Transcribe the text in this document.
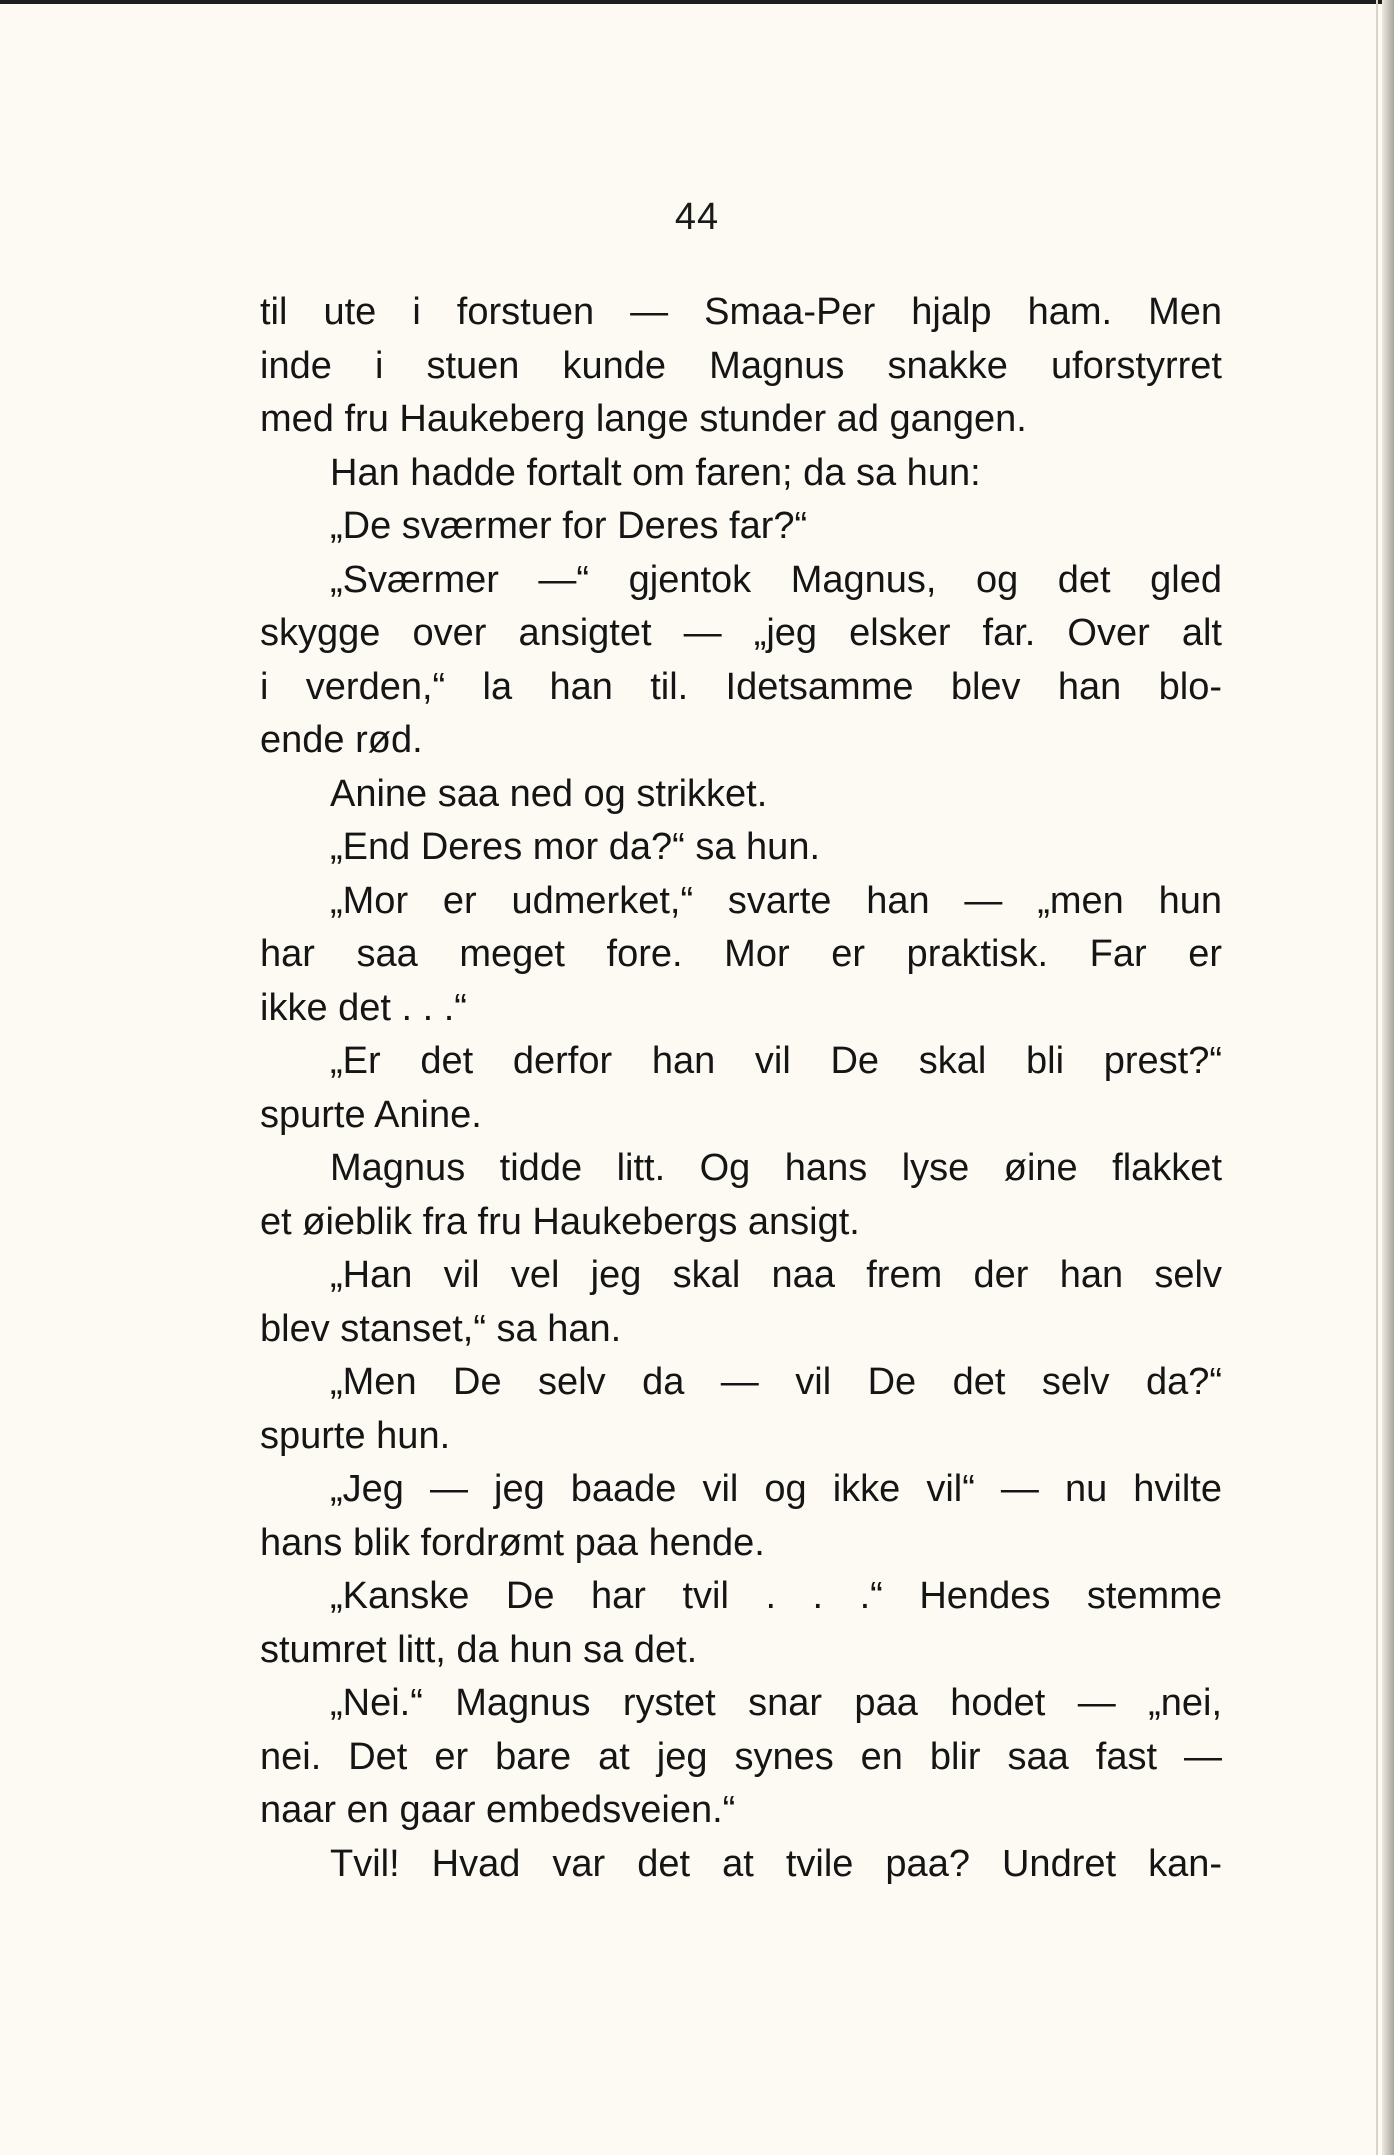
44
til ute i forstuen — Smaa-Per hjalp ham. Men
inde i stuen kunde Magnus snakke uforstyrret
med fru Haukeberg lange stunder ad gangen.
Han hadde fortalt om faren; da sa hun:
„De sværmer for Deres far?“
„Sværmer —“ gjentok Magnus, og det gled
skygge over ansigtet — „jeg elsker far. Over alt
i verden,“ la han til. Idetsamme blev han blo-
ende rød.
Anine saa ned og strikket.
„End Deres mor da?“ sa hun.
„Mor er udmerket,“ svarte han — „men hun
har saa meget fore. Mor er praktisk. Far er
ikke det . . .“
„Er det derfor han vil De skal bli prest?“
spurte Anine.
Magnus tidde litt. Og hans lyse øine flakket
et øieblik fra fru Haukebergs ansigt.
„Han vil vel jeg skal naa frem der han selv
blev stanset,“ sa han.
„Men De selv da — vil De det selv da?“
spurte hun.
„Jeg — jeg baade vil og ikke vil“ — nu hvilte
hans blik fordrømt paa hende.
„Kanske De har tvil . . .“ Hendes stemme
stumret litt, da hun sa det.
„Nei.“ Magnus rystet snar paa hodet — „nei,
nei. Det er bare at jeg synes en blir saa fast —
naar en gaar embedsveien.“
Tvil! Hvad var det at tvile paa? Undret kan-
